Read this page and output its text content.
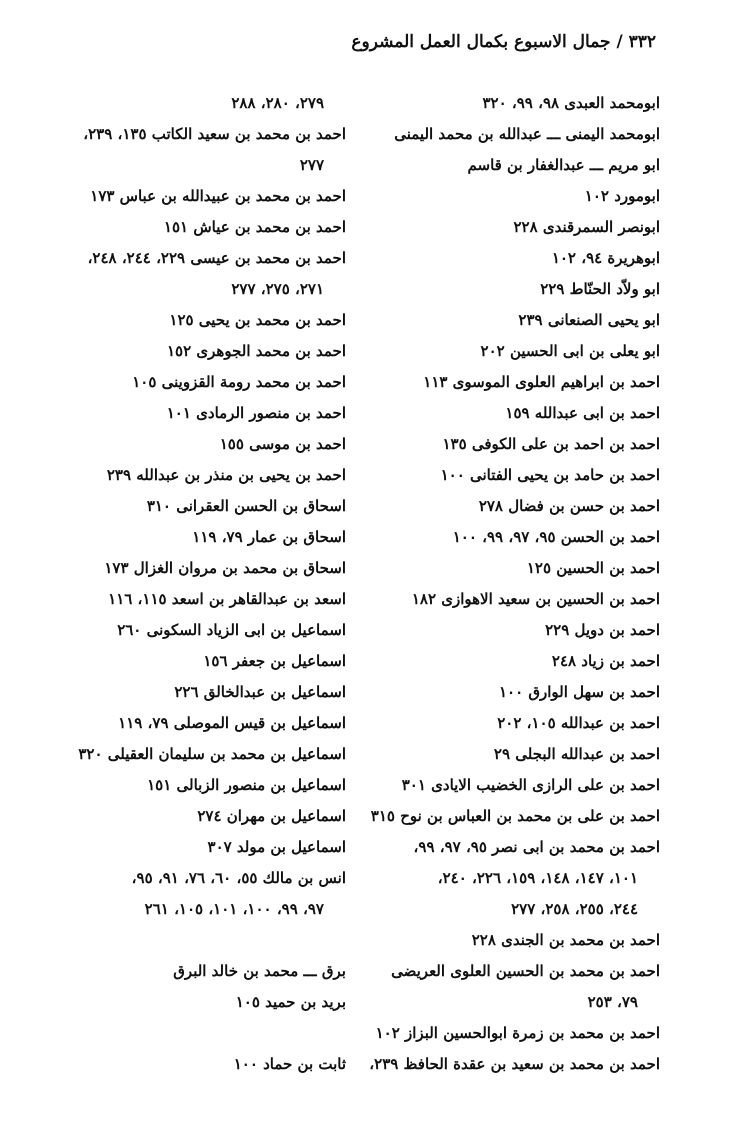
٣٣٢ / جمال الاسبوع بكمال العمل المشروع
ابومحمد العبدى ٩٨، ٩٩، ٣٢٠
ابومحمد اليمنى ـــ عبدالله بن محمد اليمنى
ابو مريم ـــ عبدالغفار بن قاسم
ابومورد ١٠٢
ابونصر السمرقندى ٢٢٨
ابوهريرة ٩٤، ١٠٢
ابو ولاّد الحنّاط ٢٢٩
ابو يحيى الصنعانى ٢٣٩
ابو يعلى بن ابى الحسين ٢٠٢
احمد بن ابراهيم العلوى الموسوى ١١٣
احمد بن ابى عبدالله ١٥٩
احمد بن احمد بن على الكوفى ١٣٥
احمد بن حامد بن يحيى الفتانى ١٠٠
احمد بن حسن بن فضال ٢٧٨
احمد بن الحسن ٩٥، ٩٧، ٩٩، ١٠٠
احمد بن الحسين ١٢٥
احمد بن الحسين بن سعيد الاهوازى ١٨٢
احمد بن دويل ٢٢٩
احمد بن زياد ٢٤٨
احمد بن سهل الوارق ١٠٠
احمد بن عبدالله ١٠٥، ٢٠٢
احمد بن عبدالله البجلى ٢٩
احمد بن على الرازى الخضيب الايادى ٣٠١
احمد بن على بن محمد بن العباس بن نوح ٣١٥
احمد بن محمد بن ابى نصر ٩٥، ٩٧، ٩٩،
١٠١، ١٤٧، ١٤٨، ١٥٩، ٢٢٦، ٢٤٠،
٢٤٤، ٢٥٥، ٢٥٨، ٢٧٧
احمد بن محمد بن الجندى ٢٢٨
احمد بن محمد بن الحسين العلوى العريضى
٧٩، ٢٥٣
احمد بن محمد بن زمرة ابوالحسين البزاز ١٠٢
احمد بن محمد بن سعيد بن عقدة الحافظ ٢٣٩،
٢٧٩، ٢٨٠، ٢٨٨
احمد بن محمد بن سعيد الكاتب ١٣٥، ٢٣٩،
٢٧٧
احمد بن محمد بن عبيدالله بن عباس ١٧٣
احمد بن محمد بن عياش ١٥١
احمد بن محمد بن عيسى ٢٢٩، ٢٤٤، ٢٤٨،
٢٧١، ٢٧٥، ٢٧٧
احمد بن محمد بن يحيى ١٢٥
احمد بن محمد الجوهرى ١٥٢
احمد بن محمد رومة القزوينى ١٠٥
احمد بن منصور الرمادى ١٠١
احمد بن موسى ١٥٥
احمد بن يحيى بن منذر بن عبدالله ٢٣٩
اسحاق بن الحسن العقرانى ٣١٠
اسحاق بن عمار ٧٩، ١١٩
اسحاق بن محمد بن مروان الغزال ١٧٣
اسعد بن عبدالقاهر بن اسعد ١١٥، ١١٦
اسماعيل بن ابى الزياد السكونى ٢٦٠
اسماعيل بن جعفر ١٥٦
اسماعيل بن عبدالخالق ٢٢٦
اسماعيل بن قيس الموصلى ٧٩، ١١٩
اسماعيل بن محمد بن سليمان العقيلى ٣٢٠
اسماعيل بن منصور الزبالى ١٥١
اسماعيل بن مهران ٢٧٤
اسماعيل بن مولد ٣٠٧
انس بن مالك ٥٥، ٦٠، ٧٦، ٩١، ٩٥،
٩٧، ٩٩، ١٠٠، ١٠١، ١٠٥، ٢٦١
برق ـــ محمد بن خالد البرق
بريد بن حميد ١٠٥
ثابت بن حماد ١٠٠
